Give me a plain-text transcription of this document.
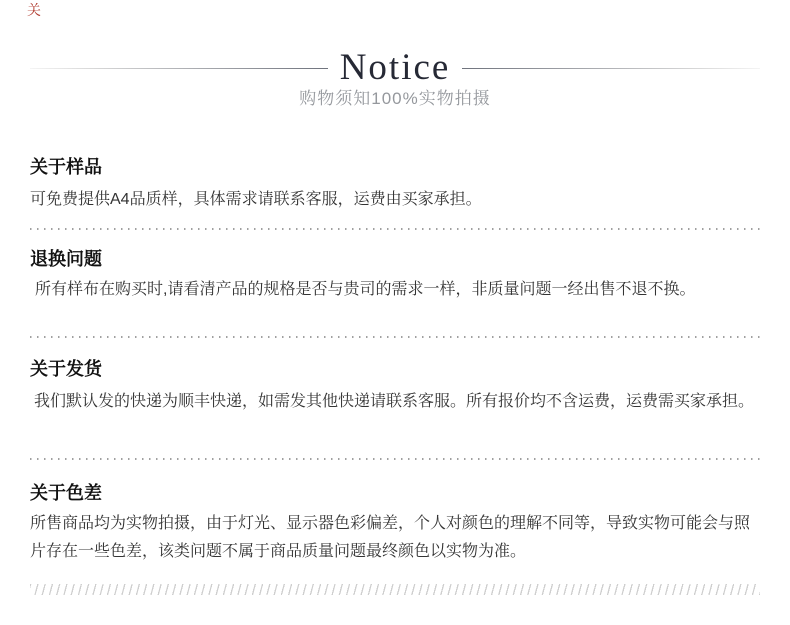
关
Notice
购物须知100%实物拍摄
关于样品
可免费提供A4品质样，具体需求请联系客服，运费由买家承担。
退换问题
所有样布在购买时,请看清产品的规格是否与贵司的需求一样，非质量问题一经出售不退不换。
关于发货
我们默认发的快递为顺丰快递，如需发其他快递请联系客服。所有报价均不含运费，运费需买家承担。
关于色差
所售商品均为实物拍摄，由于灯光、显示器色彩偏差，个人对颜色的理解不同等，导致实物可能会与照片存在一些色差，该类问题不属于商品质量问题最终颜色以实物为准。
